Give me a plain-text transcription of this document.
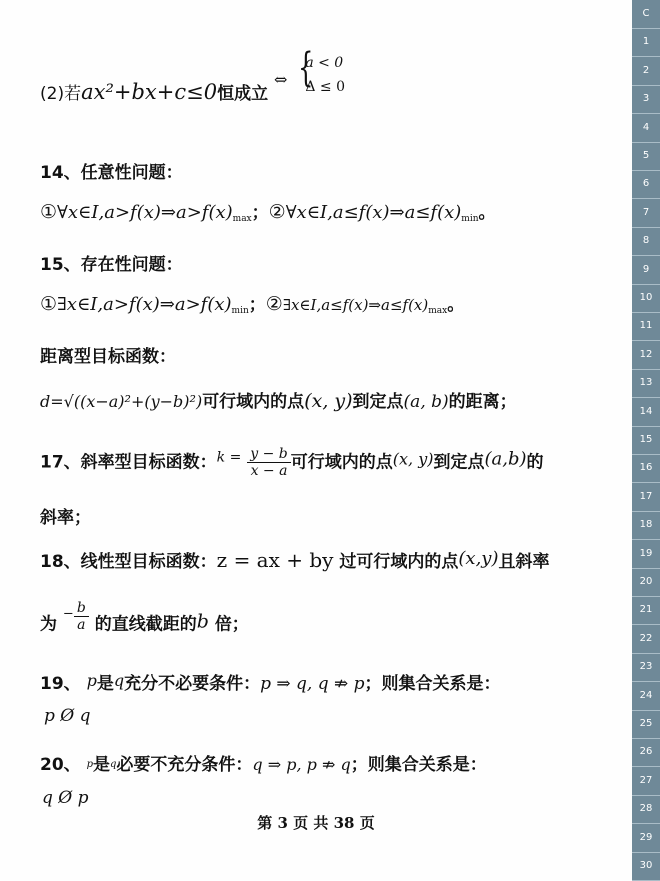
(2)若ax²+bx+c≤0恒成立 ⇔ {
a < 0
Δ ≤ 0
14、任意性问题：
$①\forall x\in I,a>f(x)\Rightarrow a>f(x)_{max}$；$②\forall x\in I,a\le f(x)\Rightarrow a\le f(x)_{min}$。
15、存在性问题：
$①\exists x\in I,a>f(x)\Rightarrow a>f(x)_{min}$；$②\exists x\in I,a\le f(x)\Rightarrow a\le f(x)_{max}$。
距离型目标函数：
d=√((x−a)²+(y−b)²)可行域内的点(x, y)到定点(a, b)的距离；
17、斜率型目标函数：$^{k =} \frac{y - b}{x - a}$ 可行域内的点(x, y)到定点(a,b)的
斜率；
18、线性型目标函数：z = ax + by 过可行域内的点(x,y)且斜率
为 $^- \frac{b}{a}$ 的直线截距的b 倍；
19、 p是q充分不必要条件：p ⇒ q, q ⇏ p；则集合关系是：
p Ø q
20、 p是q必要不充分条件：q ⇒ p, p ⇏ q；则集合关系是：
q Ø p
第 3 页 共 38 页
C
1
2
3
4
5
6
7
8
9
10
11
12
13
14
15
16
17
18
19
20
21
22
23
24
25
26
27
28
29
30
